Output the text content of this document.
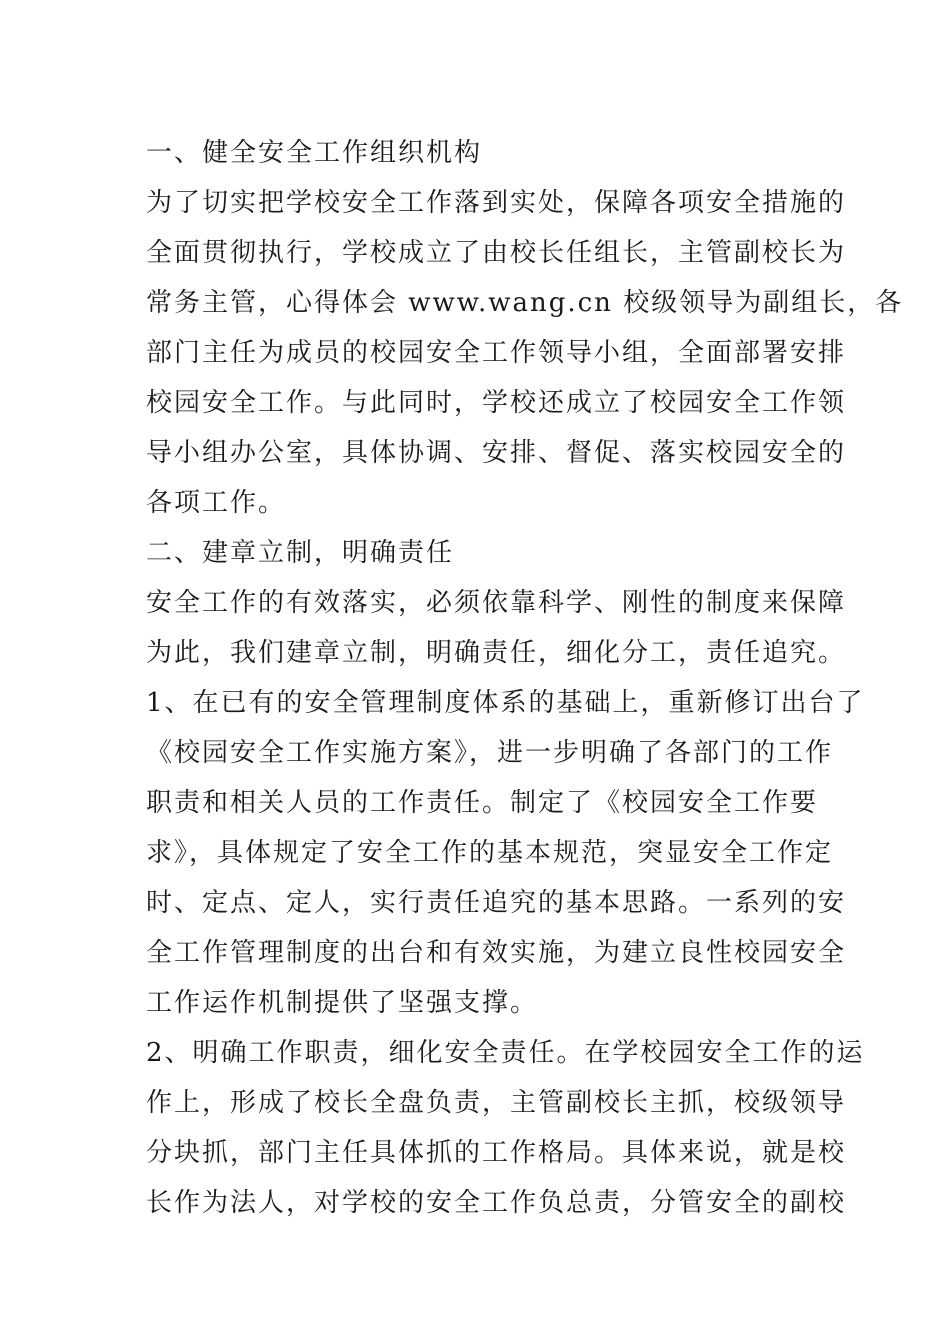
一、健全安全工作组织机构
为了切实把学校安全工作落到实处，保障各项安全措施的
全面贯彻执行，学校成立了由校长任组长，主管副校长为
常务主管，心得体会 www.wang.cn 校级领导为副组长，各
部门主任为成员的校园安全工作领导小组，全面部署安排
校园安全工作。与此同时，学校还成立了校园安全工作领
导小组办公室，具体协调、安排、督促、落实校园安全的
各项工作。
二、建章立制，明确责任
安全工作的有效落实，必须依靠科学、刚性的制度来保障
为此，我们建章立制，明确责任，细化分工，责任追究。
1、在已有的安全管理制度体系的基础上，重新修订出台了
《校园安全工作实施方案》，进一步明确了各部门的工作
职责和相关人员的工作责任。制定了《校园安全工作要
求》，具体规定了安全工作的基本规范，突显安全工作定
时、定点、定人，实行责任追究的基本思路。一系列的安
全工作管理制度的出台和有效实施，为建立良性校园安全
工作运作机制提供了坚强支撑。
2、明确工作职责，细化安全责任。在学校园安全工作的运
作上，形成了校长全盘负责，主管副校长主抓，校级领导
分块抓，部门主任具体抓的工作格局。具体来说，就是校
长作为法人，对学校的安全工作负总责，分管安全的副校
